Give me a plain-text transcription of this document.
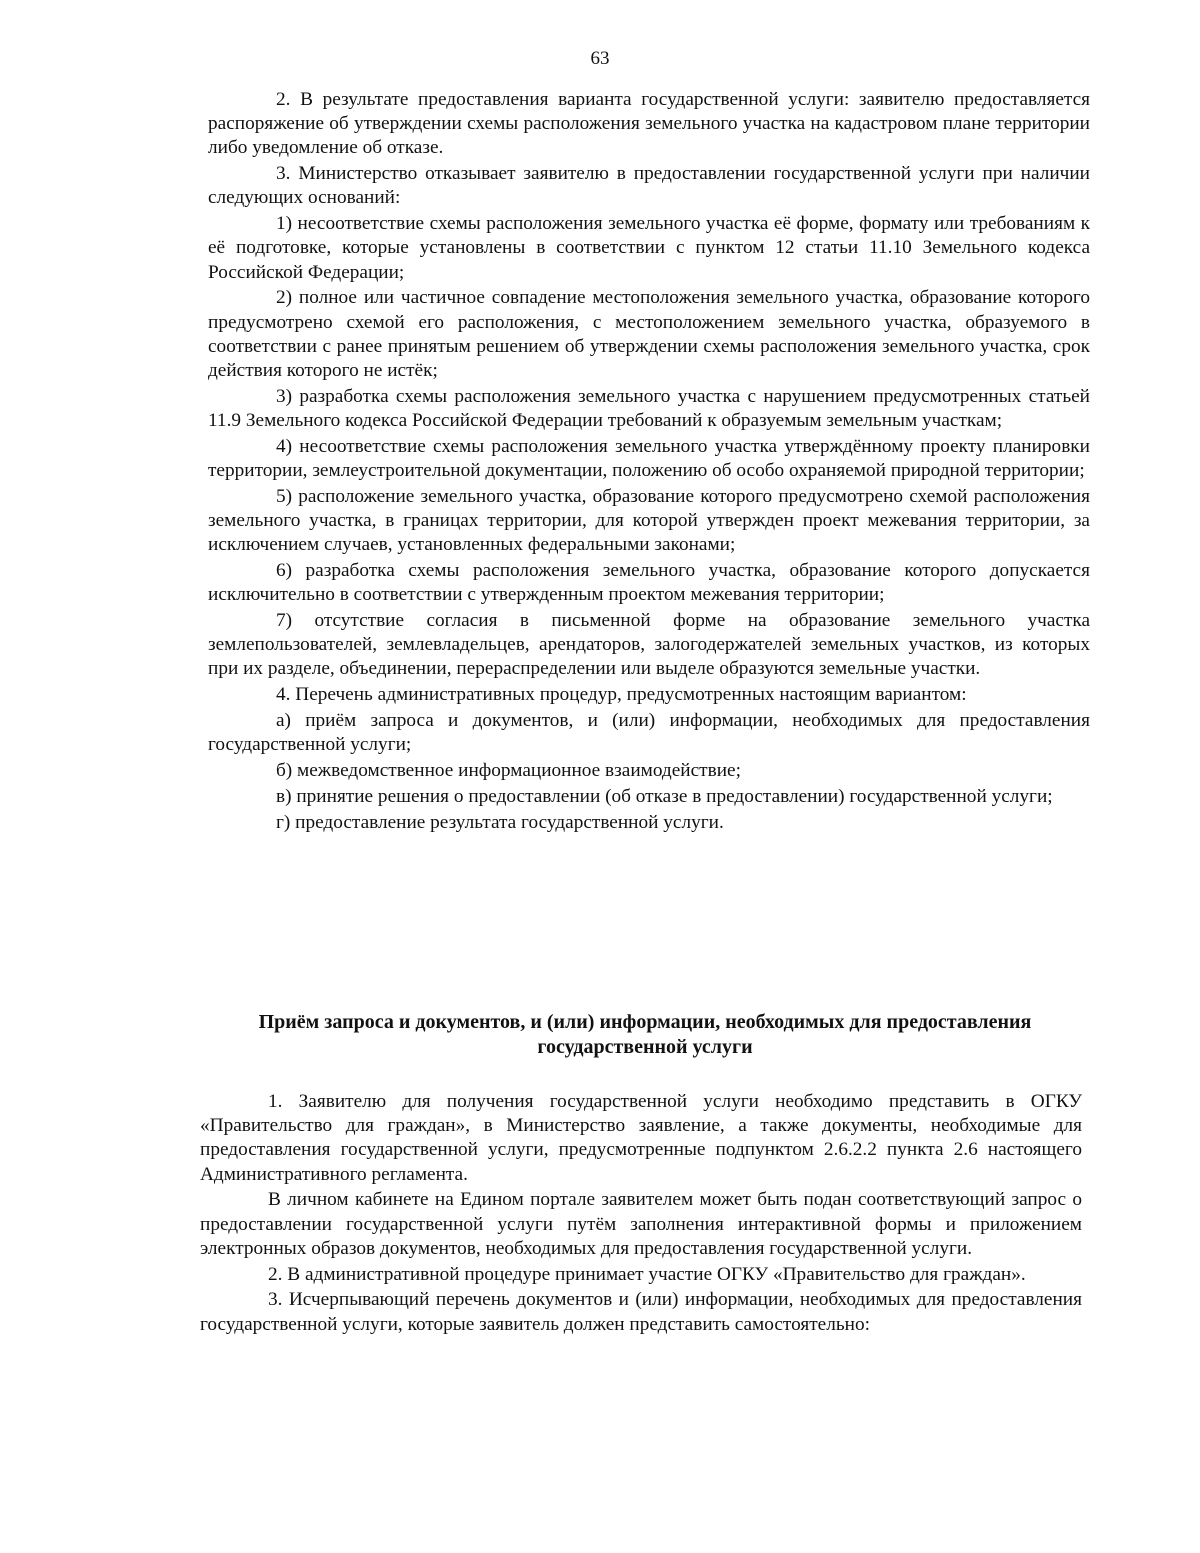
63

2. В результате предоставления варианта государственной услуги: заявителю предоставляется распоряжение об утверждении схемы расположения земельного участка на кадастровом плане территории либо уведомление об отказе.

3. Министерство отказывает заявителю в предоставлении государственной услуги при наличии следующих оснований:

1) несоответствие схемы расположения земельного участка её форме, формату или требованиям к её подготовке, которые установлены в соответствии с пунктом 12 статьи 11.10 Земельного кодекса Российской Федерации;

2) полное или частичное совпадение местоположения земельного участка, образование которого предусмотрено схемой его расположения, с местоположением земельного участка, образуемого в соответствии с ранее принятым решением об утверждении схемы расположения земельного участка, срок действия которого не истёк;

3) разработка схемы расположения земельного участка с нарушением предусмотренных статьей 11.9 Земельного кодекса Российской Федерации требований к образуемым земельным участкам;

4) несоответствие схемы расположения земельного участка утверждённому проекту планировки территории, землеустроительной документации, положению об особо охраняемой природной территории;

5) расположение земельного участка, образование которого предусмотрено схемой расположения земельного участка, в границах территории, для которой утвержден проект межевания территории, за исключением случаев, установленных федеральными законами;

6) разработка схемы расположения земельного участка, образование которого допускается исключительно в соответствии с утвержденным проектом межевания территории;

7) отсутствие согласия в письменной форме на образование земельного участка землепользователей, землевладельцев, арендаторов, залогодержателей земельных участков, из которых при их разделе, объединении, перераспределении или выделе образуются земельные участки.

4. Перечень административных процедур, предусмотренных настоящим вариантом:

а) приём запроса и документов, и (или) информации, необходимых для предоставления государственной услуги;

б) межведомственное информационное взаимодействие;

в) принятие решения о предоставлении (об отказе в предоставлении) государственной услуги;

г) предоставление результата государственной услуги.

Приём запроса и документов, и (или) информации, необходимых для предоставления
государственной услуги

1. Заявителю для получения государственной услуги необходимо представить в ОГКУ «Правительство для граждан», в Министерство заявление, а также документы, необходимые для предоставления государственной услуги, предусмотренные подпунктом 2.6.2.2 пункта 2.6 настоящего Административного регламента.

В личном кабинете на Едином портале заявителем может быть подан соответствующий запрос о предоставлении государственной услуги путём заполнения интерактивной формы и приложением электронных образов документов, необходимых для предоставления государственной услуги.

2. В административной процедуре принимает участие ОГКУ «Правительство для граждан».

3. Исчерпывающий перечень документов и (или) информации, необходимых для предоставления государственной услуги, которые заявитель должен представить самостоятельно:
